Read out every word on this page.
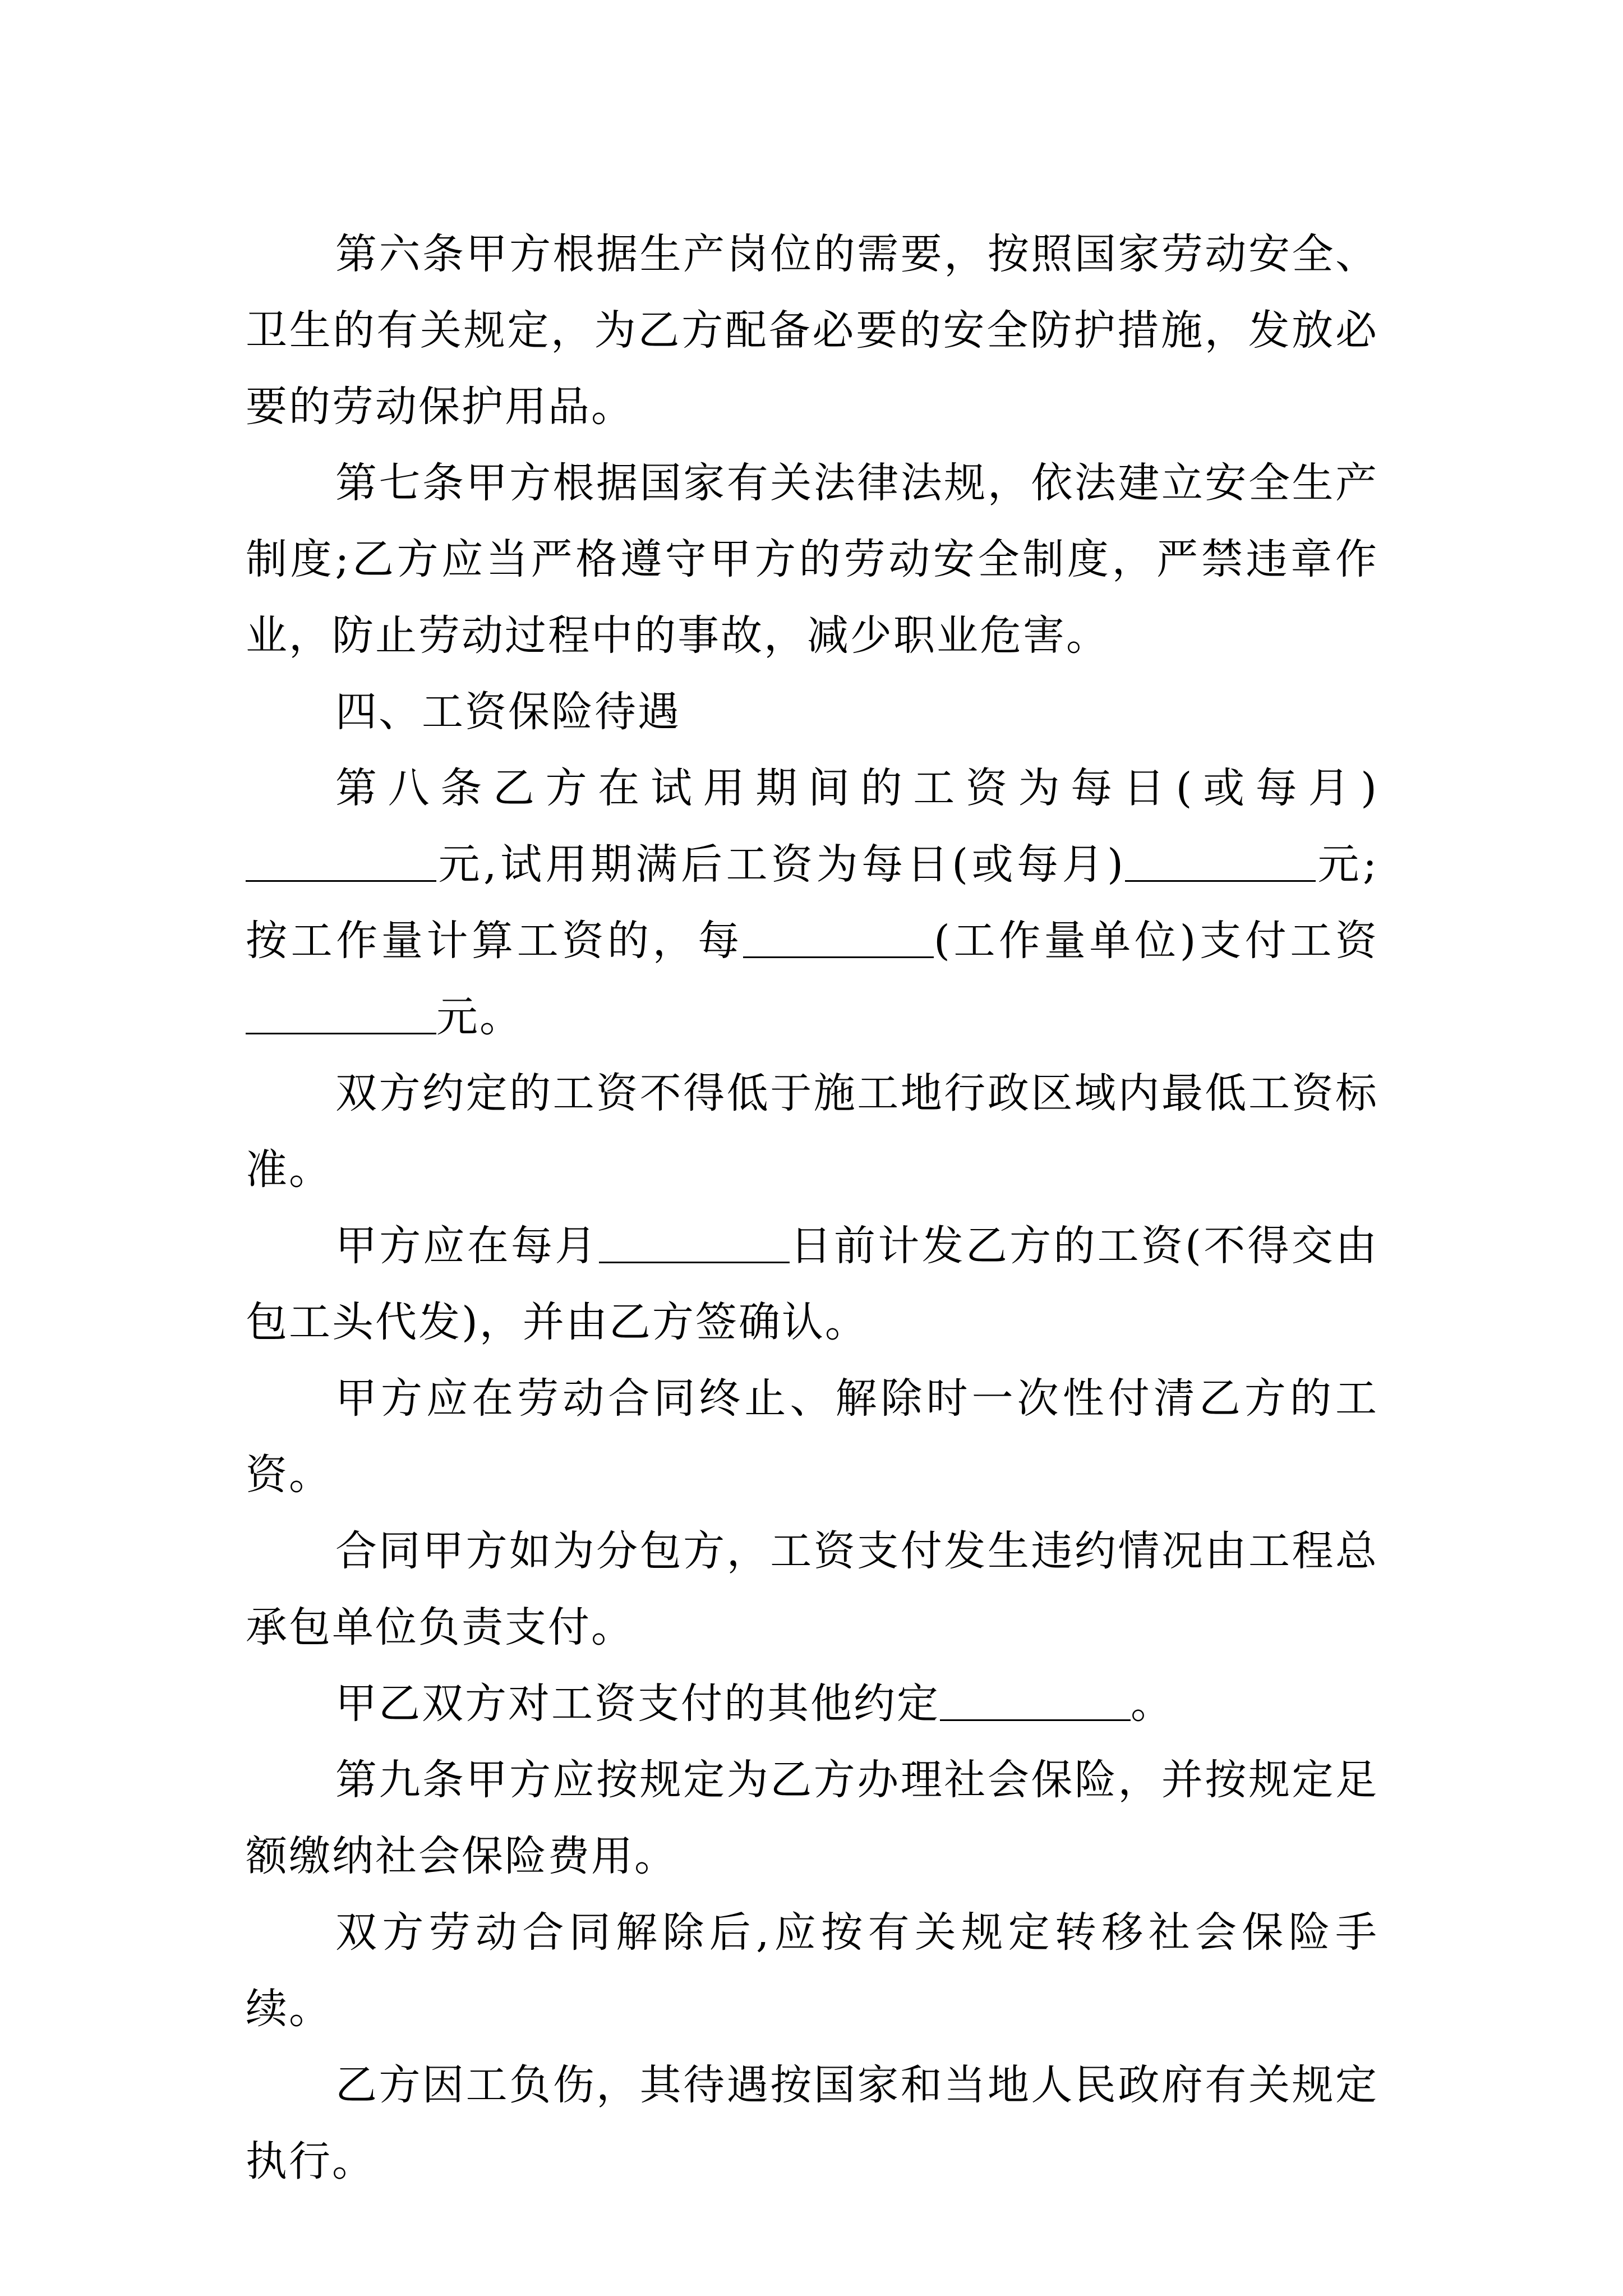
第六条甲方根据生产岗位的需要，按照国家劳动安全、卫生的有关规定，为乙方配备必要的安全防护措施，发放必要的劳动保护用品。

第七条甲方根据国家有关法律法规，依法建立安全生产制度;乙方应当严格遵守甲方的劳动安全制度，严禁违章作业，防止劳动过程中的事故，减少职业危害。

四、工资保险待遇

第八条乙方在试用期间的工资为每日(或每月)元,试用期满后工资为每日(或每月)	元;按工作量计算工资的，每	(工作量单位)支付工资元。

双方约定的工资不得低于施工地行政区域内最低工资标准。

甲方应在每月	日前计发乙方的工资(不得交由包工头代发)，并由乙方签确认。

甲方应在劳动合同终止、解除时一次性付清乙方的工资。

合同甲方如为分包方，工资支付发生违约情况由工程总承包单位负责支付。

甲乙双方对工资支付的其他约定	。

第九条甲方应按规定为乙方办理社会保险，并按规定足额缴纳社会保险费用。

双方劳动合同解除后,应按有关规定转移社会保险手续。

乙方因工负伤，其待遇按国家和当地人民政府有关规定执行。
